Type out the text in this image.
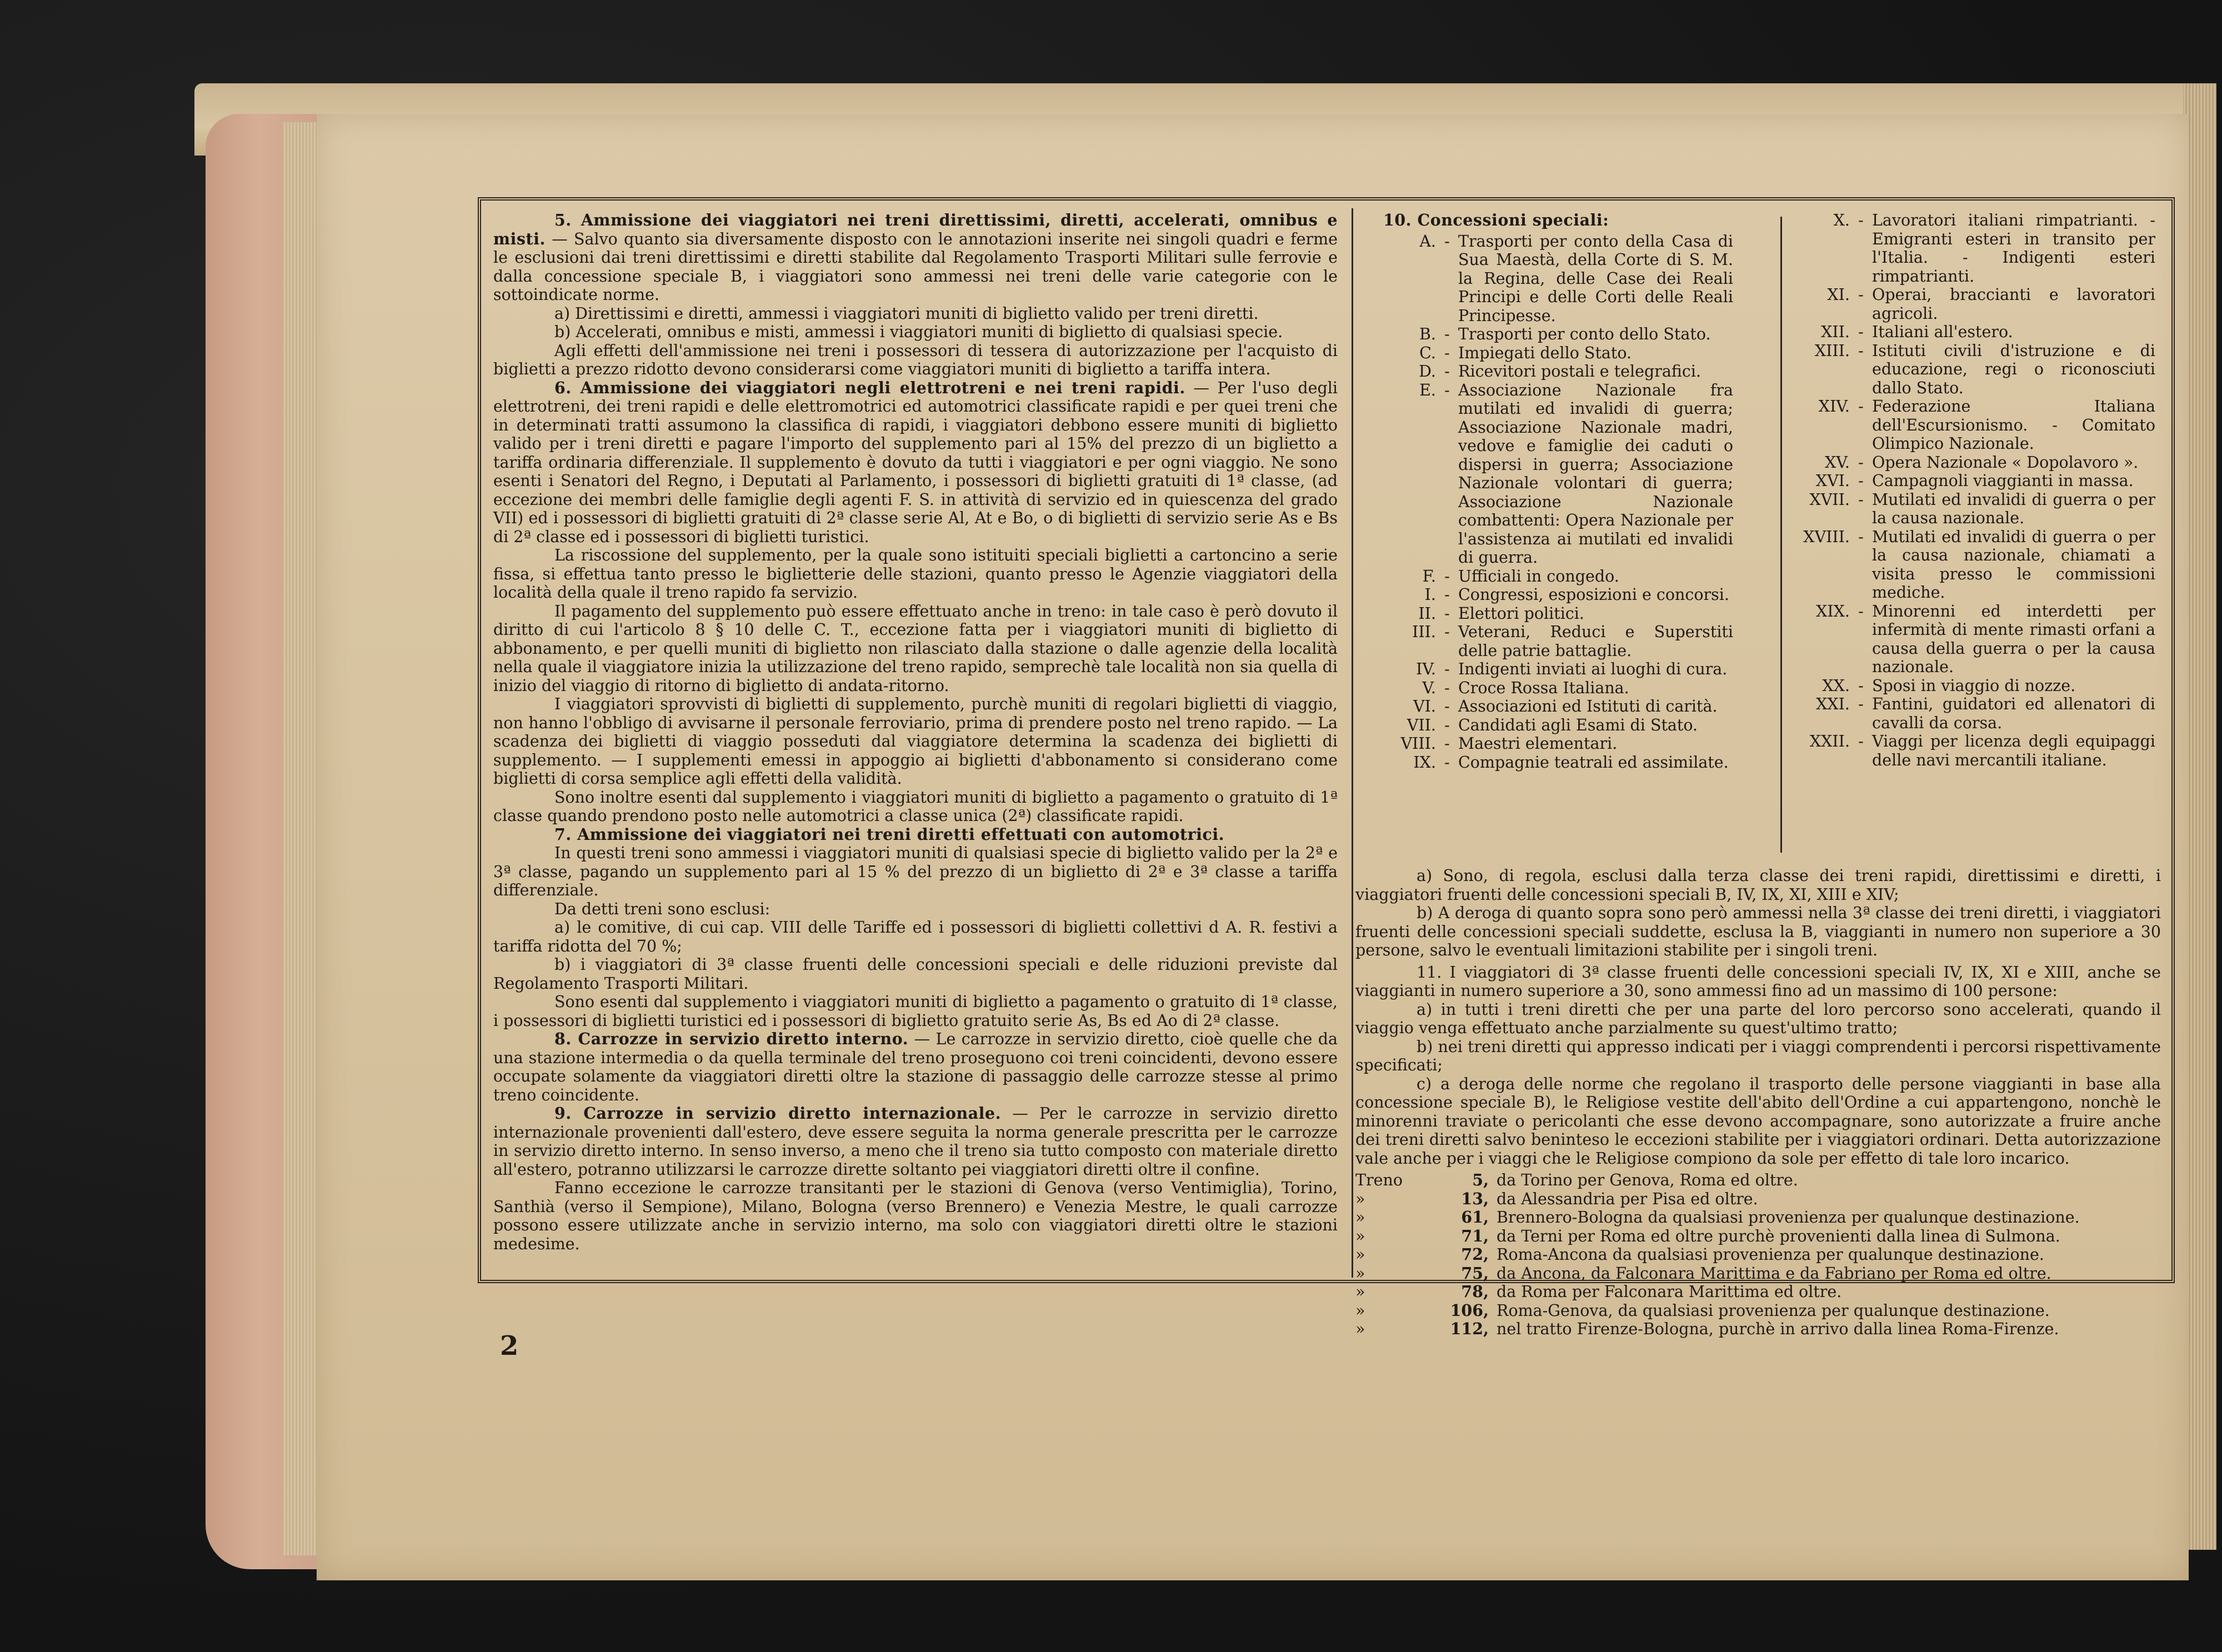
5. Ammissione dei viaggiatori nei treni direttissimi, diretti, accelerati, omnibus e misti. — Salvo quanto sia diversamente disposto con le annotazioni inserite nei singoli quadri e ferme le esclusioni dai treni direttissimi e diretti stabilite dal Regolamento Trasporti Militari sulle ferrovie e dalla concessione speciale B, i viaggiatori sono ammessi nei treni delle varie categorie con le sottoindicate norme.

a) Direttissimi e diretti, ammessi i viaggiatori muniti di biglietto valido per treni diretti.

b) Accelerati, omnibus e misti, ammessi i viaggiatori muniti di biglietto di qualsiasi specie.

Agli effetti dell'ammissione nei treni i possessori di tessera di autorizzazione per l'acquisto di biglietti a prezzo ridotto devono considerarsi come viaggiatori muniti di biglietto a tariffa intera.

6. Ammissione dei viaggiatori negli elettrotreni e nei treni rapidi. — Per l'uso degli elettrotreni, dei treni rapidi e delle elettromotrici ed automotrici classificate rapidi e per quei treni che in determinati tratti assumono la classifica di rapidi, i viaggiatori debbono essere muniti di biglietto valido per i treni diretti e pagare l'importo del supplemento pari al 15% del prezzo di un biglietto a tariffa ordinaria differenziale. Il supplemento è dovuto da tutti i viaggiatori e per ogni viaggio. Ne sono esenti i Senatori del Regno, i Deputati al Parlamento, i possessori di biglietti gratuiti di 1ª classe, (ad eccezione dei membri delle famiglie degli agenti F. S. in attività di servizio ed in quiescenza del grado VII) ed i possessori di biglietti gratuiti di 2ª classe serie Al, At e Bo, o di biglietti di servizio serie As e Bs di 2ª classe ed i possessori di biglietti turistici.

La riscossione del supplemento, per la quale sono istituiti speciali biglietti a cartoncino a serie fissa, si effettua tanto presso le biglietterie delle stazioni, quanto presso le Agenzie viaggiatori della località della quale il treno rapido fa servizio.

Il pagamento del supplemento può essere effettuato anche in treno: in tale caso è però dovuto il diritto di cui l'articolo 8 § 10 delle C. T., eccezione fatta per i viaggiatori muniti di biglietto di abbonamento, e per quelli muniti di biglietto non rilasciato dalla stazione o dalle agenzie della località nella quale il viaggiatore inizia la utilizzazione del treno rapido, semprechè tale località non sia quella di inizio del viaggio di ritorno di biglietto di andata-ritorno.

I viaggiatori sprovvisti di biglietti di supplemento, purchè muniti di regolari biglietti di viaggio, non hanno l'obbligo di avvisarne il personale ferroviario, prima di prendere posto nel treno rapido. — La scadenza dei biglietti di viaggio posseduti dal viaggiatore determina la scadenza dei biglietti di supplemento. — I supplementi emessi in appoggio ai biglietti d'abbonamento si considerano come biglietti di corsa semplice agli effetti della validità.

Sono inoltre esenti dal supplemento i viaggiatori muniti di biglietto a pagamento o gratuito di 1ª classe quando prendono posto nelle automotrici a classe unica (2ª) classificate rapidi.

7. Ammissione dei viaggiatori nei treni diretti effettuati con automotrici.

In questi treni sono ammessi i viaggiatori muniti di qualsiasi specie di biglietto valido per la 2ª e 3ª classe, pagando un supplemento pari al 15 % del prezzo di un biglietto di 2ª e 3ª classe a tariffa differenziale.

Da detti treni sono esclusi:

a) le comitive, di cui cap. VIII delle Tariffe ed i possessori di biglietti collettivi d A. R. festivi a tariffa ridotta del 70 %;

b) i viaggiatori di 3ª classe fruenti delle concessioni speciali e delle riduzioni previste dal Regolamento Trasporti Militari.

Sono esenti dal supplemento i viaggiatori muniti di biglietto a pagamento o gratuito di 1ª classe, i possessori di biglietti turistici ed i possessori di biglietto gratuito serie As, Bs ed Ao di 2ª classe.

8. Carrozze in servizio diretto interno. — Le carrozze in servizio diretto, cioè quelle che da una stazione intermedia o da quella terminale del treno proseguono coi treni coincidenti, devono essere occupate solamente da viaggiatori diretti oltre la stazione di passaggio delle carrozze stesse al primo treno coincidente.

9. Carrozze in servizio diretto internazionale. — Per le carrozze in servizio diretto internazionale provenienti dall'estero, deve essere seguita la norma generale prescritta per le carrozze in servizio diretto interno. In senso inverso, a meno che il treno sia tutto composto con materiale diretto all'estero, potranno utilizzarsi le carrozze dirette soltanto pei viaggiatori diretti oltre il confine.

Fanno eccezione le carrozze transitanti per le stazioni di Genova (verso Ventimiglia), Torino, Santhià (verso il Sempione), Milano, Bologna (verso Brennero) e Venezia Mestre, le quali carrozze possono essere utilizzate anche in servizio interno, ma solo con viaggiatori diretti oltre le stazioni medesime.

10. Concessioni speciali:

A. - Trasporti per conto della Casa di Sua Maestà, della Corte di S. M. la Regina, delle Case dei Reali Principi e delle Corti delle Reali Principesse.
B. - Trasporti per conto dello Stato.
C. - Impiegati dello Stato.
D. - Ricevitori postali e telegrafici.
E. - Associazione Nazionale fra mutilati ed invalidi di guerra; Associazione Nazionale madri, vedove e famiglie dei caduti o dispersi in guerra; Associazione Nazionale volontari di guerra; Associazione Nazionale combattenti: Opera Nazionale per l'assistenza ai mutilati ed invalidi di guerra.
F. - Ufficiali in congedo.
I. - Congressi, esposizioni e concorsi.
II. - Elettori politici.
III. - Veterani, Reduci e Superstiti delle patrie battaglie.
IV. - Indigenti inviati ai luoghi di cura.
V. - Croce Rossa Italiana.
VI. - Associazioni ed Istituti di carità.
VII. - Candidati agli Esami di Stato.
VIII. - Maestri elementari.
IX. - Compagnie teatrali ed assimilate.
X. - Lavoratori italiani rimpatrianti. - Emigranti esteri in transito per l'Italia. - Indigenti esteri rimpatrianti.
XI. - Operai, braccianti e lavoratori agricoli.
XII. - Italiani all'estero.
XIII. - Istituti civili d'istruzione e di educazione, regi o riconosciuti dallo Stato.
XIV. - Federazione Italiana dell'Escursionismo. - Comitato Olimpico Nazionale.
XV. - Opera Nazionale « Dopolavoro ».
XVI. - Campagnoli viaggianti in massa.
XVII. - Mutilati ed invalidi di guerra o per la causa nazionale.
XVIII. - Mutilati ed invalidi di guerra o per la causa nazionale, chiamati a visita presso le commissioni mediche.
XIX. - Minorenni ed interdetti per infermità di mente rimasti orfani a causa della guerra o per la causa nazionale.
XX. - Sposi in viaggio di nozze.
XXI. - Fantini, guidatori ed allenatori di cavalli da corsa.
XXII. - Viaggi per licenza degli equipaggi delle navi mercantili italiane.

a) Sono, di regola, esclusi dalla terza classe dei treni rapidi, direttissimi e diretti, i viaggiatori fruenti delle concessioni speciali B, IV, IX, XI, XIII e XIV;

b) A deroga di quanto sopra sono però ammessi nella 3ª classe dei treni diretti, i viaggiatori fruenti delle concessioni speciali suddette, esclusa la B, viaggianti in numero non superiore a 30 persone, salvo le eventuali limitazioni stabilite per i singoli treni.

11. I viaggiatori di 3ª classe fruenti delle concessioni speciali IV, IX, XI e XIII, anche se viaggianti in numero superiore a 30, sono ammessi fino ad un massimo di 100 persone:

a) in tutti i treni diretti che per una parte del loro percorso sono accelerati, quando il viaggio venga effettuato anche parzialmente su quest'ultimo tratto;

b) nei treni diretti qui appresso indicati per i viaggi comprendenti i percorsi rispettivamente specificati;

c) a deroga delle norme che regolano il trasporto delle persone viaggianti in base alla concessione speciale B), le Religiose vestite dell'abito dell'Ordine a cui appartengono, nonchè le minorenni traviate o pericolanti che esse devono accompagnare, sono autorizzate a fruire anche dei treni diretti salvo beninteso le eccezioni stabilite per i viaggiatori ordinari. Detta autorizzazione vale anche per i viaggi che le Religiose compiono da sole per effetto di tale loro incarico.

Treno	5, da Torino per Genova, Roma ed oltre.
»	13, da Alessandria per Pisa ed oltre.
»	61, Brennero-Bologna da qualsiasi provenienza per qualunque destinazione.
»	71, da Terni per Roma ed oltre purchè provenienti dalla linea di Sulmona.
»	72, Roma-Ancona da qualsiasi provenienza per qualunque destinazione.
»	75, da Ancona, da Falconara Marittima e da Fabriano per Roma ed oltre.
»	78, da Roma per Falconara Marittima ed oltre.
»	106, Roma-Genova, da qualsiasi provenienza per qualunque destinazione.
»	112, nel tratto Firenze-Bologna, purchè in arrivo dalla linea Roma-Firenze.
2
